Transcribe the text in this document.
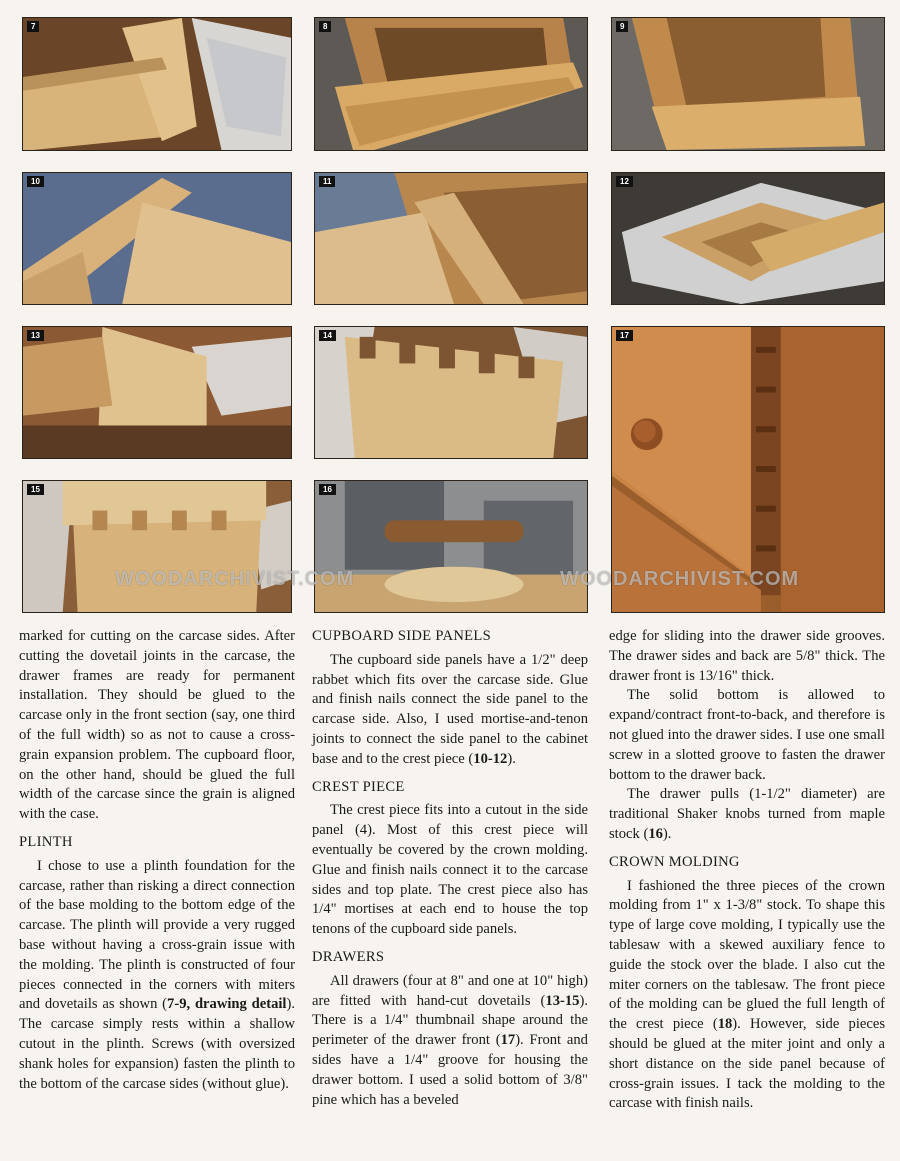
7	8	9
10	11	12
13	14	17
15	16
WOODARCHIVIST.COM	WOODARCHIVIST.COM

marked for cutting on the carcase sides. After cutting the dovetail joints in the carcase, the drawer frames are ready for permanent installation. They should be glued to the carcase only in the front section (say, one third of the full width) so as not to cause a cross-grain expansion problem. The cupboard floor, on the other hand, should be glued the full width of the carcase since the grain is aligned with the case.

PLINTH

I chose to use a plinth foundation for the carcase, rather than risking a direct connection of the base molding to the bottom edge of the carcase. The plinth will provide a very rugged base without having a cross-grain issue with the molding. The plinth is constructed of four pieces connected in the corners with miters and dovetails as shown (7-9, drawing detail). The carcase simply rests within a shallow cutout in the plinth. Screws (with oversized shank holes for expansion) fasten the plinth to the bottom of the carcase sides (without glue).

CUPBOARD SIDE PANELS

The cupboard side panels have a 1/2" deep rabbet which fits over the carcase side. Glue and finish nails connect the side panel to the carcase side. Also, I used mortise-and-tenon joints to connect the side panel to the cabinet base and to the crest piece (10-12).

CREST PIECE

The crest piece fits into a cutout in the side panel (4). Most of this crest piece will eventually be covered by the crown molding. Glue and finish nails connect it to the carcase sides and top plate. The crest piece also has 1/4" mortises at each end to house the top tenons of the cupboard side panels.

DRAWERS

All drawers (four at 8" and one at 10" high) are fitted with hand-cut dovetails (13-15). There is a 1/4" thumbnail shape around the perimeter of the drawer front (17). Front and sides have a 1/4" groove for housing the drawer bottom. I used a solid bottom of 3/8" pine which has a beveled

edge for sliding into the drawer side grooves. The drawer sides and back are 5/8" thick. The drawer front is 13/16" thick.

The solid bottom is allowed to expand/contract front-to-back, and therefore is not glued into the drawer sides. I use one small screw in a slotted groove to fasten the drawer bottom to the drawer back.

The drawer pulls (1-1/2" diameter) are traditional Shaker knobs turned from maple stock (16).

CROWN MOLDING

I fashioned the three pieces of the crown molding from 1" x 1-3/8" stock. To shape this type of large cove molding, I typically use the tablesaw with a skewed auxiliary fence to guide the stock over the blade. I also cut the miter corners on the tablesaw. The front piece of the molding can be glued the full length of the crest piece (18). However, side pieces should be glued at the miter joint and only a short distance on the side panel because of cross-grain issues. I tack the molding to the carcase with finish nails.
